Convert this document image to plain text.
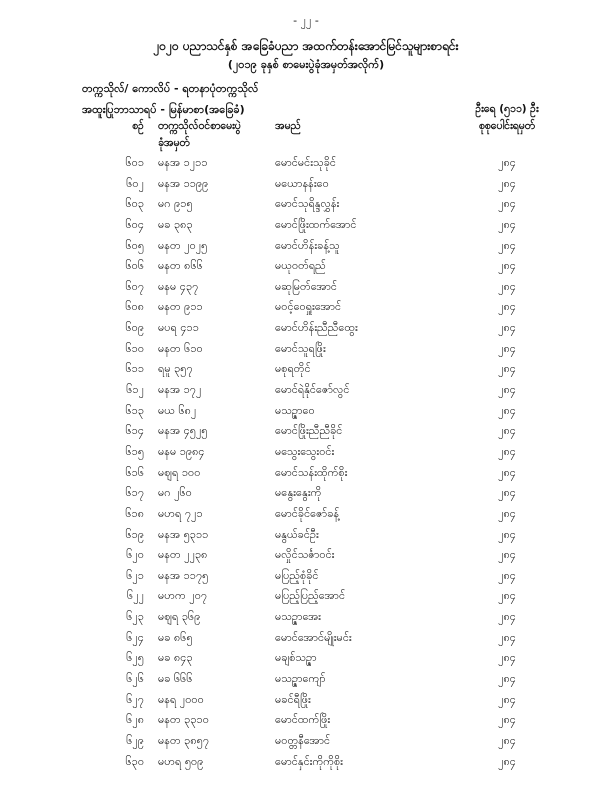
- ၂၂ -
၂၀၂၀ ပညာသင်နှစ် အခြေခံပညာ အထက်တန်းအောင်မြင်သူများစာရင်း
(၂၀၁၉ ခုနှစ် စာမေးပွဲခုံအမှတ်အလိုက်)
တက္ကသိုလ်/ ကောလိပ် - ရတနာပုံတက္ကသိုလ်
အထူးပြုဘာသာရပ် - မြန်မာစာ(အခြေခံ)	ဦးရေ (၅၁၁) ဦး
စဉ် တက္ကသိုလ်ဝင်စာမေးပွဲ	အမည်	စုစုပေါင်းရမှတ်
ခုံအမှတ်
၆၀၁ မနအ ၁၂၁၁	မောင်မင်းသုခိုင်	၂၈၄
၆၀၂ မနအ ၁၁၉၉	မယောနန်းဝေ	၂၈၄
၆၀၃ မဂ ၉၁၅	မောင်သုရိန္ဒလွှန်း	၂၈၄
၆၀၄ မခ ၃၈၃	မောင်ဖြိုးထက်အောင်	၂၈၄
၆၀၅ မနတ ၂၀၂၅	မောင်ဟိန်းခန့်သူ	၂၈၄
၆၀၆ မနတ ၈၆၆	မယုဝတ်ရည်	၂၈၄
၆၀၇ မနမ ၄၃၇	မဆုမြတ်အောင်	၂၈၄
၆၀၈ မနတ ၉၁၁	မဝင့်ဝေရှူးအောင်	၂၈၄
၆၀၉ မပရ ၄၁၁	မောင်ဟိန်းညီညီထွေး	၂၈၄
၆၁၀ မနတ ၆၁၀	မောင်သူရဖြိုး	၂၈၄
၆၁၁ ရမူ ၃၅၇	မစုရတိုင်	၂၈၄
၆၁၂ မနအ ၁၇၂	မောင်ရဲနိုင်ဇော်လွင်	၂၈၄
၆၁၃ မယ ၆၈၂	မသဉ္ဇာဝေ	၂၈၄
၆၁၄ မနအ ၄၅၂၅	မောင်ဖြိုးညီညီခိုင်	၂၈၄
၆၁၅ မနမ ၁၉၈၄	မသွေးသွေးဝင်း	၂၈၄
၆၁၆ မဈရ ၁၀၀	မောင်သန်းထိုက်စိုး	၂၈၄
၆၁၇ မဂ ၂၆၀	မနွေးနွေးကို	၂၈၄
၆၁၈ မဟရ ၇၂၁	မောင်ခိုင်ဇော်ခန့်	၂၈၄
၆၁၉ မနအ ၅၃၁၁	မနွယ်ခင်ဦး	၂၈၄
၆၂၀ မနတ ၂၂၃၈	မလှိုင်သင်္ဇာဝင်း	၂၈၄
၆၂၁ မနအ ၁၁၇၅	မပြည့်စုံခိုင်	၂၈၄
၆၂၂ မဟက ၂၀၇	မပြည့်ပြည့်အောင်	၂၈၄
၆၂၃ မဈရ ၃၆၉	မသဉ္ဇာအေး	၂၈၄
၆၂၄ မခ ၈၆၅	မောင်အောင်မျိုးမင်း	၂၈၄
၆၂၅ မခ ၈၄၃	မချစ်သဉ္ဇာ	၂၈၄
၆၂၆ မခ ၆၆၆	မသဉ္ဇာကျော်	၂၈၄
၆၂၇ မနရ ၂၀၀၀	မခင်ရီဖြိုး	၂၈၄
၆၂၈ မနတ ၃၃၁၀	မောင်ထက်ဖြိုး	၂၈၄
၆၂၉ မနတ ၃၈၅၇	မဝတ္တနီအောင်	၂၈၄
၆၃၀ မဟရ ၅၀၉	မောင်နှင်းကိုကိုစိုး	၂၈၄
